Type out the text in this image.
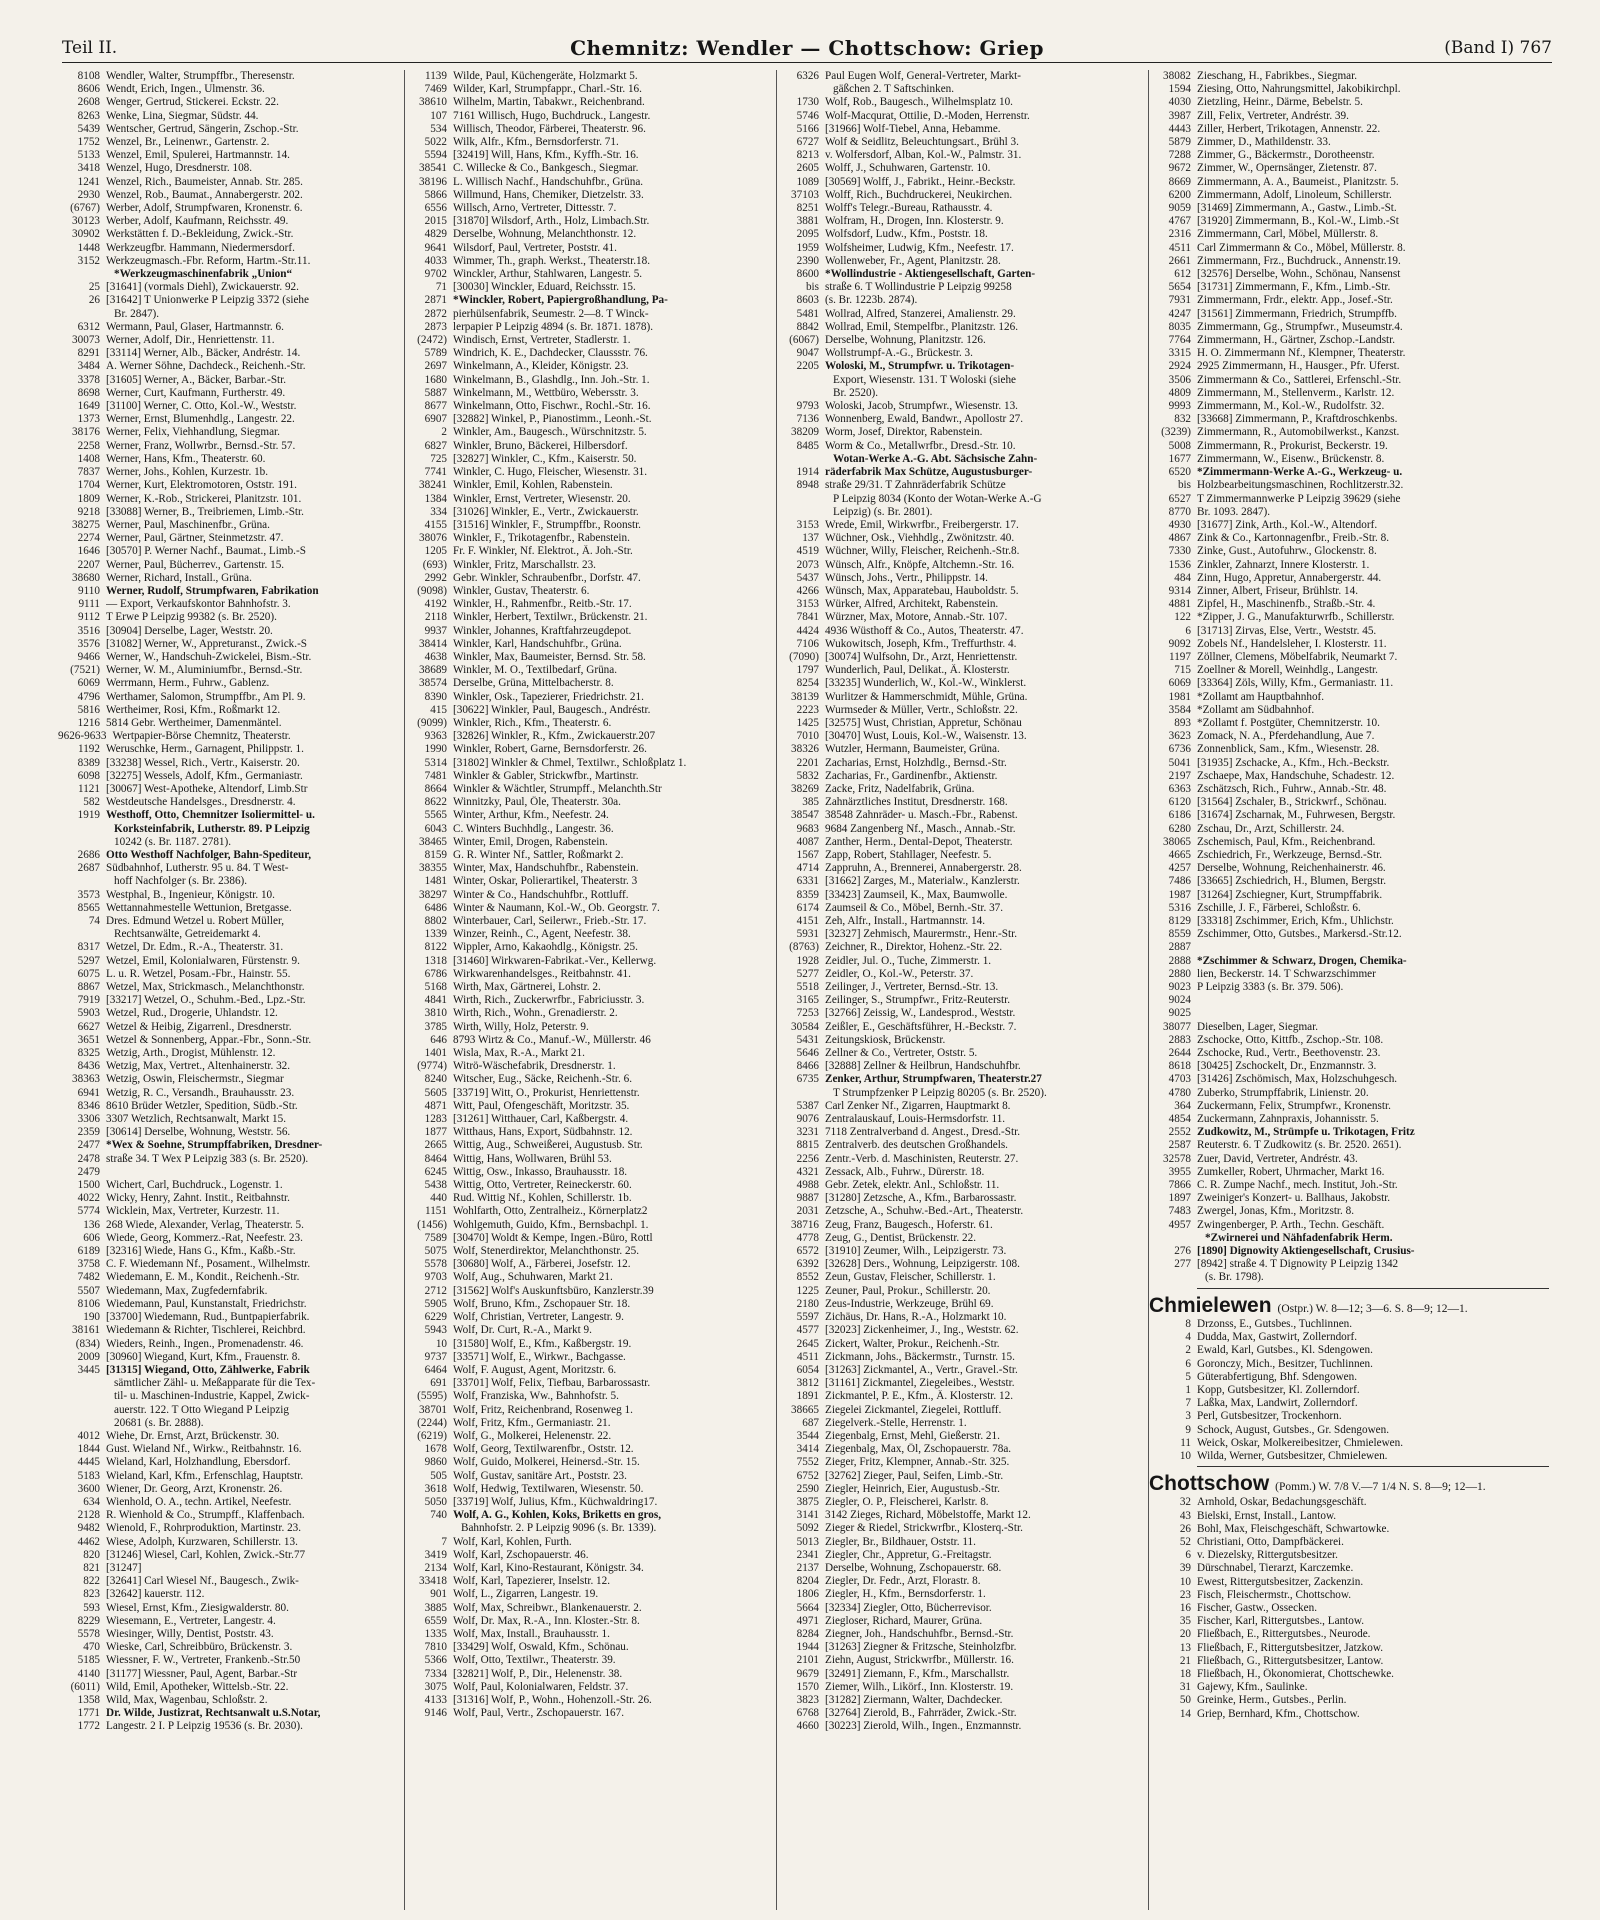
Teil II.	Chemnitz: Wendler — Chottschow: Griep	(Band I) 767
8108 Wendler, Walter, Strumpffbr., Theresenstr.
8606 Wendt, Erich, Ingen., Ulmenstr. 36.
2608 Wenger, Gertrud, Stickerei. Eckstr. 22.
8263 Wenke, Lina, Siegmar, Südstr. 44.
5439 Wentscher, Gertrud, Sängerin, Zschop.-Str.
1752 Wenzel, Br., Leinenwr., Gartenstr. 2.
5133 Wenzel, Emil, Spulerei, Hartmannstr. 14.
3418 Wenzel, Hugo, Dresdnerstr. 108.
1241 Wenzel, Rich., Baumeister, Annab. Str. 285.
2930 Wenzel, Rob., Baumat., Annabergerstr. 202.
(6767) Werber, Adolf, Strumpfwaren, Kronenstr. 6.
30123 Werber, Adolf, Kaufmann, Reichsstr. 49.
30902 Werkstätten f. D.-Bekleidung, Zwick.-Str.
1448 Werkzeugfbr. Hammann, Niedermersdorf.
3152 Werkzeugmasch.-Fbr. Reform, Hartm.-Str.11.
*Werkzeugmaschinenfabrik „Union“
25 [31641] (vormals Diehl), Zwickauerstr. 92.
26 [31642] T Unionwerke P Leipzig 3372 (siehe
Br. 2847).
6312 Wermann, Paul, Glaser, Hartmannstr. 6.
30073 Werner, Adolf, Dir., Henriettenstr. 11.
8291 [33114] Werner, Alb., Bäcker, Andréstr. 14.
3484 A. Werner Söhne, Dachdeck., Reichenh.-Str.
3378 [31605] Werner, A., Bäcker, Barbar.-Str.
8698 Werner, Curt, Kaufmann, Furtherstr. 49.
1649 [31100] Werner, C. Otto, Kol.-W., Weststr.
1373 Werner, Ernst, Blumenhdlg., Langestr. 22.
38176 Werner, Felix, Viehhandlung, Siegmar.
2258 Werner, Franz, Wollwrbr., Bernsd.-Str. 57.
1408 Werner, Hans, Kfm., Theaterstr. 60.
7837 Werner, Johs., Kohlen, Kurzestr. 1b.
1704 Werner, Kurt, Elektromotoren, Oststr. 191.
1809 Werner, K.-Rob., Strickerei, Planitzstr. 101.
9218 [33088] Werner, B., Treibriemen, Limb.-Str.
38275 Werner, Paul, Maschinenfbr., Grüna.
2274 Werner, Paul, Gärtner, Steinmetzstr. 47.
1646 [30570] P. Werner Nachf., Baumat., Limb.-S
2207 Werner, Paul, Bücherrev., Gartenstr. 15.
38680 Werner, Richard, Install., Grüna.
9110 Werner, Rudolf, Strumpfwaren, Fabrikation
9111 — Export, Verkaufskontor Bahnhofstr. 3.
9112 T Erwe P Leipzig 99382 (s. Br. 2520).
3516 [30904] Derselbe, Lager, Weststr. 20.
3576 [31082] Werner, W., Appreturanst., Zwick.-S
9466 Werner, W., Handschuh-Zwickelei, Bism.-Str.
(7521) Werner, W. M., Aluminiumfbr., Bernsd.-Str.
6069 Werrmann, Herm., Fuhrw., Gablenz.
4796 Werthamer, Salomon, Strumpffbr., Am Pl. 9.
5816 Wertheimer, Rosi, Kfm., Roßmarkt 12.
1216 5814 Gebr. Wertheimer, Damenmäntel.
9626-9633 Wertpapier-Börse Chemnitz, Theaterstr.
1192 Weruschke, Herm., Garnagent, Philippstr. 1.
8389 [33238] Wessel, Rich., Vertr., Kaiserstr. 20.
6098 [32275] Wessels, Adolf, Kfm., Germaniastr.
1121 [30067] West-Apotheke, Altendorf, Limb.Str
582 Westdeutsche Handelsges., Dresdnerstr. 4.
1919 Westhoff, Otto, Chemnitzer Isoliermittel- u.
Korksteinfabrik, Lutherstr. 89. P Leipzig
10242 (s. Br. 1187. 2781).
2686 Otto Westhoff Nachfolger, Bahn-Spediteur,
2687 Südbahnhof, Lutherstr. 95 u. 84. T West-
hoff Nachfolger (s. Br. 2386).
3573 Westphal, B., Ingenieur, Königstr. 10.
8565 Wettannahmestelle Wettunion, Bretgasse.
74 Dres. Edmund Wetzel u. Robert Müller,
Rechtsanwälte, Getreidemarkt 4.
8317 Wetzel, Dr. Edm., R.-A., Theaterstr. 31.
5297 Wetzel, Emil, Kolonialwaren, Fürstenstr. 9.
6075 L. u. R. Wetzel, Posam.-Fbr., Hainstr. 55.
8867 Wetzel, Max, Strickmasch., Melanchthonstr.
7919 [33217] Wetzel, O., Schuhm.-Bed., Lpz.-Str.
5903 Wetzel, Rud., Drogerie, Uhlandstr. 12.
6627 Wetzel & Heibig, Zigarrenl., Dresdnerstr.
3651 Wetzel & Sonnenberg, Appar.-Fbr., Sonn.-Str.
8325 Wetzig, Arth., Drogist, Mühlenstr. 12.
8436 Wetzig, Max, Vertret., Altenhainerstr. 32.
38363 Wetzig, Oswin, Fleischermstr., Siegmar
6941 Wetzig, R. C., Versandh., Brauhausstr. 23.
8346 8610 Brüder Wetzler, Spedition, Südb.-Str.
3306 3307 Wetzlich, Rechtsanwalt, Markt 15.
2359 [30614] Derselbe, Wohnung, Weststr. 56.
2477 *Wex & Soehne, Strumpffabriken, Dresdner-
2478 straße 34. T Wex P Leipzig 383 (s. Br. 2520).
2479
1500 Wichert, Carl, Buchdruck., Logenstr. 1.
4022 Wicky, Henry, Zahnt. Instit., Reitbahnstr.
5774 Wicklein, Max, Vertreter, Kurzestr. 11.
136 268 Wiede, Alexander, Verlag, Theaterstr. 5.
606 Wiede, Georg, Kommerz.-Rat, Neefestr. 23.
6189 [32316] Wiede, Hans G., Kfm., Kaßb.-Str.
3758 C. F. Wiedemann Nf., Posament., Wilhelmstr.
7482 Wiedemann, E. M., Kondit., Reichenh.-Str.
5507 Wiedemann, Max, Zugfedernfabrik.
8106 Wiedemann, Paul, Kunstanstalt, Friedrichstr.
190 [33700] Wiedemann, Rud., Buntpapierfabrik.
38161 Wiedemann & Richter, Tischlerei, Reichbrd.
(834) Wieders, Reinh., Ingen., Promenadenstr. 46.
2009 [30960] Wiegand, Kurt, Kfm., Frauenstr. 8.
3445 [31315] Wiegand, Otto, Zählwerke, Fabrik
sämtlicher Zähl- u. Meßapparate für die Tex-
til- u. Maschinen-Industrie, Kappel, Zwick-
auerstr. 122. T Otto Wiegand P Leipzig
20681 (s. Br. 2888).
4012 Wiehe, Dr. Ernst, Arzt, Brückenstr. 30.
1844 Gust. Wieland Nf., Wirkw., Reitbahnstr. 16.
4445 Wieland, Karl, Holzhandlung, Ebersdorf.
5183 Wieland, Karl, Kfm., Erfenschlag, Hauptstr.
3600 Wiener, Dr. Georg, Arzt, Kronenstr. 26.
634 Wienhold, O. A., techn. Artikel, Neefestr.
2128 R. Wienhold & Co., Strumpff., Klaffenbach.
9482 Wienold, F., Rohrproduktion, Martinstr. 23.
4462 Wiese, Adolph, Kurzwaren, Schillerstr. 13.
820 [31246] Wiesel, Carl, Kohlen, Zwick.-Str.77
821 [31247]
822 [32641] Carl Wiesel Nf., Baugesch., Zwik-
823 [32642] kauerstr. 112.
593 Wiesel, Ernst, Kfm., Ziesigwalderstr. 80.
8229 Wiesemann, E., Vertreter, Langestr. 4.
5578 Wiesinger, Willy, Dentist, Poststr. 43.
470 Wieske, Carl, Schreibbüro, Brückenstr. 3.
5185 Wiessner, F. W., Vertreter, Frankenb.-Str.50
4140 [31177] Wiessner, Paul, Agent, Barbar.-Str
(6011) Wild, Emil, Apotheker, Wittelsb.-Str. 22.
1358 Wild, Max, Wagenbau, Schloßstr. 2.
1771 Dr. Wilde, Justizrat, Rechtsanwalt u.S.Notar,
1772 Langestr. 2 I. P Leipzig 19536 (s. Br. 2030).
1139 Wilde, Paul, Küchengeräte, Holzmarkt 5.
7469 Wilder, Karl, Strumpfappr., Charl.-Str. 16.
38610 Wilhelm, Martin, Tabakwr., Reichenbrand.
107 7161 Willisch, Hugo, Buchdruck., Langestr.
534 Willisch, Theodor, Färberei, Theaterstr. 96.
5022 Wilk, Alfr., Kfm., Bernsdorferstr. 71.
5594 [32419] Will, Hans, Kfm., Kyffh.-Str. 16.
38541 C. Willecke & Co., Bankgesch., Siegmar.
38196 L. Willisch Nachf., Handschuhfbr., Grüna.
5866 Willmund, Hans, Chemiker, Dietzelstr. 33.
6556 Willsch, Arno, Vertreter, Dittesstr. 7.
2015 [31870] Wilsdorf, Arth., Holz, Limbach.Str.
4829 Derselbe, Wohnung, Melanchthonstr. 12.
9641 Wilsdorf, Paul, Vertreter, Poststr. 41.
4033 Wimmer, Th., graph. Werkst., Theaterstr.18.
9702 Winckler, Arthur, Stahlwaren, Langestr. 5.
71 [30030] Winckler, Eduard, Reichsstr. 15.
2871 *Winckler, Robert, Papiergroßhandlung, Pa-
2872 pierhülsenfabrik, Seumestr. 2—8. T Winck-
2873 lerpapier P Leipzig 4894 (s. Br. 1871. 1878).
(2472) Windisch, Ernst, Vertreter, Stadlerstr. 1.
5789 Windrich, K. E., Dachdecker, Claussstr. 76.
2697 Winkelmann, A., Kleider, Königstr. 23.
1680 Winkelmann, B., Glashdlg., Inn. Joh.-Str. 1.
5887 Winkelmann, M., Wettbüro, Webersstr. 3.
8677 Winkelmann, Otto, Fischwr., Rochl.-Str. 16.
6907 [32882] Winkel, P., Pianostimm., Leonh.-St.
2 Winkler, Am., Baugesch., Würschnitzstr. 5.
6827 Winkler, Bruno, Bäckerei, Hilbersdorf.
725 [32827] Winkler, C., Kfm., Kaiserstr. 50.
7741 Winkler, C. Hugo, Fleischer, Wiesenstr. 31.
38241 Winkler, Emil, Kohlen, Rabenstein.
1384 Winkler, Ernst, Vertreter, Wiesenstr. 20.
334 [31026] Winkler, E., Vertr., Zwickauerstr.
4155 [31516] Winkler, F., Strumpffbr., Roonstr.
38076 Winkler, F., Trikotagenfbr., Rabenstein.
1205 Fr. F. Winkler, Nf. Elektrot., Ä. Joh.-Str.
(693) Winkler, Fritz, Marschallstr. 23.
2992 Gebr. Winkler, Schraubenfbr., Dorfstr. 47.
(9098) Winkler, Gustav, Theaterstr. 6.
4192 Winkler, H., Rahmenfbr., Reitb.-Str. 17.
2118 Winkler, Herbert, Textilwr., Brückenstr. 21.
9937 Winkler, Johannes, Kraftfahrzeugdepot.
38414 Winkler, Karl, Handschuhfbr., Grüna.
4638 Winkler, Max, Baumeister, Bernsd. Str. 58.
38689 Winkler, M. O., Textilbedarf, Grüna.
38574 Derselbe, Grüna, Mittelbacherstr. 8.
8390 Winkler, Osk., Tapezierer, Friedrichstr. 21.
415 [30622] Winkler, Paul, Baugesch., Andréstr.
(9099) Winkler, Rich., Kfm., Theaterstr. 6.
9363 [32826] Winkler, R., Kfm., Zwickauerstr.207
1990 Winkler, Robert, Garne, Bernsdorferstr. 26.
5314 [31802] Winkler & Chmel, Textilwr., Schloßplatz 1.
7481 Winkler & Gabler, Strickwfbr., Martinstr.
8664 Winkler & Wächtler, Strumpff., Melanchth.Str
8622 Winnitzky, Paul, Öle, Theaterstr. 30a.
5565 Winter, Arthur, Kfm., Neefestr. 24.
6043 C. Winters Buchhdlg., Langestr. 36.
38465 Winter, Emil, Drogen, Rabenstein.
8159 G. R. Winter Nf., Sattler, Roßmarkt 2.
38355 Winter, Max, Handschuhfbr., Rabenstein.
1481 Winter, Oskar, Polierartikel, Theaterstr. 3
38297 Winter & Co., Handschuhfbr., Rottluff.
6486 Winter & Naumann, Kol.-W., Ob. Georgstr. 7.
8802 Winterbauer, Carl, Seilerwr., Frieb.-Str. 17.
1339 Winzer, Reinh., C., Agent, Neefestr. 38.
8122 Wippler, Arno, Kakaohdlg., Königstr. 25.
1318 [31460] Wirkwaren-Fabrikat.-Ver., Kellerwg.
6786 Wirkwarenhandelsges., Reitbahnstr. 41.
5168 Wirth, Max, Gärtnerei, Lohstr. 2.
4841 Wirth, Rich., Zuckerwrfbr., Fabriciusstr. 3.
3810 Wirth, Rich., Wohn., Grenadierstr. 2.
3785 Wirth, Willy, Holz, Peterstr. 9.
646 8793 Wirtz & Co., Manuf.-W., Müllerstr. 46
1401 Wisla, Max, R.-A., Markt 21.
(9774) Witrö-Wäschefabrik, Dresdnerstr. 1.
8240 Witscher, Eug., Säcke, Reichenh.-Str. 6.
5605 [33719] Witt, O., Prokurist, Henriettenstr.
4871 Witt, Paul, Ofengeschäft, Moritzstr. 35.
1283 [31261] Witthauer, Carl, Kaßbergstr. 4.
1877 Witthaus, Hans, Export, Südbahnstr. 12.
2665 Wittig, Aug., Schweißerei, Augustusb. Str.
8464 Wittig, Hans, Wollwaren, Brühl 53.
6245 Wittig, Osw., Inkasso, Brauhausstr. 18.
5438 Wittig, Otto, Vertreter, Reineckerstr. 60.
440 Rud. Wittig Nf., Kohlen, Schillerstr. 1b.
1151 Wohlfarth, Otto, Zentralheiz., Körnerplatz2
(1456) Wohlgemuth, Guido, Kfm., Bernsbachpl. 1.
7589 [30470] Woldt & Kempe, Ingen.-Büro, Rottl
5075 Wolf, Stenerdirektor, Melanchthonstr. 25.
5578 [30680] Wolf, A., Färberei, Josefstr. 12.
9703 Wolf, Aug., Schuhwaren, Markt 21.
2712 [31562] Wolf's Auskunftsbüro, Kanzlerstr.39
5905 Wolf, Bruno, Kfm., Zschopauer Str. 18.
6229 Wolf, Christian, Vertreter, Langestr. 9.
5943 Wolf, Dr. Curt, R.-A., Markt 9.
10 [31580] Wolf, E., Kfm., Kaßbergstr. 19.
9737 [33571] Wolf, E., Wirkwr., Bachgasse.
6464 Wolf, F. August, Agent, Moritzstr. 6.
691 [33701] Wolf, Felix, Tiefbau, Barbarossastr.
(5595) Wolf, Franziska, Ww., Bahnhofstr. 5.
38701 Wolf, Fritz, Reichenbrand, Rosenweg 1.
(2244) Wolf, Fritz, Kfm., Germaniastr. 21.
(6219) Wolf, G., Molkerei, Helenenstr. 22.
1678 Wolf, Georg, Textilwarenfbr., Oststr. 12.
9860 Wolf, Guido, Molkerei, Heinersd.-Str. 15.
505 Wolf, Gustav, sanitäre Art., Poststr. 23.
3618 Wolf, Hedwig, Textilwaren, Wiesenstr. 50.
5050 [33719] Wolf, Julius, Kfm., Küchwaldring17.
740 Wolf, A. G., Kohlen, Koks, Briketts en gros,
Bahnhofstr. 2. P Leipzig 9096 (s. Br. 1339).
7 Wolf, Karl, Kohlen, Furth.
3419 Wolf, Karl, Zschopauerstr. 46.
2134 Wolf, Karl, Kino-Restaurant, Königstr. 34.
33418 Wolf, Karl, Tapezierer, Inselstr. 12.
901 Wolf, L., Zigarren, Langestr. 19.
3885 Wolf, Max, Schreibwr., Blankenauerstr. 2.
6559 Wolf, Dr. Max, R.-A., Inn. Kloster.-Str. 8.
1335 Wolf, Max, Install., Brauhausstr. 1.
7810 [33429] Wolf, Oswald, Kfm., Schönau.
5366 Wolf, Otto, Textilwr., Theaterstr. 39.
7334 [32821] Wolf, P., Dir., Helenenstr. 38.
3075 Wolf, Paul, Kolonialwaren, Feldstr. 37.
4133 [31316] Wolf, P., Wohn., Hohenzoll.-Str. 26.
9146 Wolf, Paul, Vertr., Zschopauerstr. 167.
6326 Paul Eugen Wolf, General-Vertreter, Markt-
gäßchen 2. T Saftschinken.
1730 Wolf, Rob., Baugesch., Wilhelmsplatz 10.
5746 Wolf-Macqurat, Ottilie, D.-Moden, Herrenstr.
5166 [31966] Wolf-Tiebel, Anna, Hebamme.
6727 Wolf & Seidlitz, Beleuchtungsart., Brühl 3.
8213 v. Wolfersdorf, Alban, Kol.-W., Palmstr. 31.
2605 Wolff, J., Schuhwaren, Gartenstr. 10.
1089 [30569] Wolff, J., Fabrikt., Heinr.-Beckstr.
37103 Wolff, Rich., Buchdruckerei, Neukirchen.
8251 Wolff's Telegr.-Bureau, Rathausstr. 4.
3881 Wolfram, H., Drogen, Inn. Klosterstr. 9.
2095 Wolfsdorf, Ludw., Kfm., Poststr. 18.
1959 Wolfsheimer, Ludwig, Kfm., Neefestr. 17.
2390 Wollenweber, Fr., Agent, Planitzstr. 28.
8600 *Wollindustrie - Aktiengesellschaft, Garten-
bis straße 6. T Wollindustrie P Leipzig 99258
8603 (s. Br. 1223b. 2874).
5481 Wollrad, Alfred, Stanzerei, Amalienstr. 29.
8842 Wollrad, Emil, Stempelfbr., Planitzstr. 126.
(6067) Derselbe, Wohnung, Planitzstr. 126.
9047 Wollstrumpf-A.-G., Brückestr. 3.
2205 Woloski, M., Strumpfwr. u. Trikotagen-
Export, Wiesenstr. 131. T Woloski (siehe
Br. 2520).
9793 Woloski, Jacob, Strumpfwr., Wiesenstr. 13.
7136 Wonnenberg, Ewald, Bandwr., Apollostr 27.
38209 Worm, Josef, Direktor, Rabenstein.
8485 Worm & Co., Metallwrfbr., Dresd.-Str. 10.
Wotan-Werke A.-G. Abt. Sächsische Zahn-
1914 räderfabrik Max Schütze, Augustusburger-
8948 straße 29/31. T Zahnräderfabrik Schütze
P Leipzig 8034 (Konto der Wotan-Werke A.-G
Leipzig) (s. Br. 2801).
3153 Wrede, Emil, Wirkwrfbr., Freibergerstr. 17.
137 Wüchner, Osk., Viehhdlg., Zwönitzstr. 40.
4519 Wüchner, Willy, Fleischer, Reichenh.-Str.8.
2073 Wünsch, Alfr., Knöpfe, Altchemn.-Str. 16.
5437 Wünsch, Johs., Vertr., Philippstr. 14.
4266 Wünsch, Max, Apparatebau, Hauboldstr. 5.
3153 Würker, Alfred, Architekt, Rabenstein.
7841 Würzner, Max, Motore, Annab.-Str. 107.
4424 4936 Wüsthoff & Co., Autos, Theaterstr. 47.
7106 Wukowitsch, Joseph, Kfm., Treffurthstr. 4.
(7090) [30074] Wulfsohn, Dr., Arzt, Henriettenstr.
1797 Wunderlich, Paul, Delikat., Ä. Klosterstr.
8254 [33235] Wunderlich, W., Kol.-W., Winklerst.
38139 Wurlitzer & Hammerschmidt, Mühle, Grüna.
2223 Wurmseder & Müller, Vertr., Schloßstr. 22.
1425 [32575] Wust, Christian, Appretur, Schönau
7010 [30470] Wust, Louis, Kol.-W., Waisenstr. 13.
38326 Wutzler, Hermann, Baumeister, Grüna.
2201 Zacharias, Ernst, Holzhdlg., Bernsd.-Str.
5832 Zacharias, Fr., Gardinenfbr., Aktienstr.
38269 Zacke, Fritz, Nadelfabrik, Grüna.
385 Zahnärztliches Institut, Dresdnerstr. 168.
38547 38548 Zahnräder- u. Masch.-Fbr., Rabenst.
9683 9684 Zangenberg Nf., Masch., Annab.-Str.
4087 Zanther, Herm., Dental-Depot, Theaterstr.
1567 Zapp, Robert, Stahllager, Neefestr. 5.
4714 Zappruhn, A., Brennerei, Annabergerstr. 28.
6331 [31662] Zarges, M., Materialw., Kanzlerstr.
8359 [33423] Zaumseil, K., Max, Baumwolle.
6174 Zaumseil & Co., Möbel, Bernh.-Str. 37.
4151 Zeh, Alfr., Install., Hartmannstr. 14.
5931 [32327] Zehmisch, Maurermstr., Henr.-Str.
(8763) Zeichner, R., Direktor, Hohenz.-Str. 22.
1928 Zeidler, Jul. O., Tuche, Zimmerstr. 1.
5277 Zeidler, O., Kol.-W., Peterstr. 37.
5518 Zeilinger, J., Vertreter, Bernsd.-Str. 13.
3165 Zeilinger, S., Strumpfwr., Fritz-Reuterstr.
7253 [32766] Zeissig, W., Landesprod., Weststr.
30584 Zeißler, E., Geschäftsführer, H.-Beckstr. 7.
5431 Zeitungskiosk, Brückenstr.
5646 Zellner & Co., Vertreter, Oststr. 5.
8466 [32888] Zellner & Heilbrun, Handschuhfbr.
6735 Zenker, Arthur, Strumpfwaren, Theaterstr.27
T Strumpfzenker P Leipzig 80205 (s. Br. 2520).
5387 Carl Zenker Nf., Zigarren, Hauptmarkt 8.
9076 Zentralauskauf, Louis-Hermsdorfstr. 11.
3231 7118 Zentralverband d. Angest., Dresd.-Str.
8815 Zentralverb. des deutschen Großhandels.
2256 Zentr.-Verb. d. Maschinisten, Reuterstr. 27.
4321 Zessack, Alb., Fuhrw., Dürerstr. 18.
4988 Gebr. Zetek, elektr. Anl., Schloßstr. 11.
9887 [31280] Zetzsche, A., Kfm., Barbarossastr.
2031 Zetzsche, A., Schuhw.-Bed.-Art., Theaterstr.
38716 Zeug, Franz, Baugesch., Hoferstr. 61.
4778 Zeug, G., Dentist, Brückenstr. 22.
6572 [31910] Zeumer, Wilh., Leipzigerstr. 73.
6392 [32628] Ders., Wohnung, Leipzigerstr. 108.
8552 Zeun, Gustav, Fleischer, Schillerstr. 1.
1225 Zeuner, Paul, Prokur., Schillerstr. 20.
2180 Zeus-Industrie, Werkzeuge, Brühl 69.
5597 Zichäus, Dr. Hans, R.-A., Holzmarkt 10.
4577 [32023] Zickenheimer, J., Ing., Weststr. 62.
2645 Zickert, Walter, Prokur., Reichenh.-Str.
4511 Zickmann, Johs., Bäckermstr., Turnstr. 15.
6054 [31263] Zickmantel, A., Vertr., Gravel.-Str.
3812 [31161] Zickmantel, Ziegeleibes., Weststr.
1891 Zickmantel, P. E., Kfm., Ä. Klosterstr. 12.
38665 Ziegelei Zickmantel, Ziegelei, Rottluff.
687 Ziegelverk.-Stelle, Herrenstr. 1.
3544 Ziegenbalg, Ernst, Mehl, Gießerstr. 21.
3414 Ziegenbalg, Max, Öl, Zschopauerstr. 78a.
7552 Zieger, Fritz, Klempner, Annab.-Str. 325.
6752 [32762] Zieger, Paul, Seifen, Limb.-Str.
2590 Ziegler, Heinrich, Eier, Augustusb.-Str.
3875 Ziegler, O. P., Fleischerei, Karlstr. 8.
3141 3142 Zieges, Richard, Möbelstoffe, Markt 12.
5092 Zieger & Riedel, Strickwrfbr., Klosterq.-Str.
5013 Ziegler, Br., Bildhauer, Oststr. 11.
2341 Ziegler, Chr., Appretur, G.-Freitagstr.
2137 Derselbe, Wohnung, Zschopauerstr. 68.
8204 Ziegler, Dr. Fedr., Arzt, Florastr. 8.
1806 Ziegler, H., Kfm., Bernsdorferstr. 1.
5664 [32334] Ziegler, Otto, Bücherrevisor.
4971 Ziegloser, Richard, Maurer, Grüna.
8284 Ziegner, Joh., Handschuhfbr., Bernsd.-Str.
1944 [31263] Ziegner & Fritzsche, Steinholzfbr.
2101 Ziehn, August, Strickwrfbr., Müllerstr. 16.
9679 [32491] Ziemann, F., Kfm., Marschallstr.
1570 Ziemer, Wilh., Likörf., Inn. Klosterstr. 19.
3823 [31282] Ziermann, Walter, Dachdecker.
6768 [32764] Zierold, B., Fahrräder, Zwick.-Str.
4660 [30223] Zierold, Wilh., Ingen., Enzmannstr.
38082 Zieschang, H., Fabrikbes., Siegmar.
1594 Ziesing, Otto, Nahrungsmittel, Jakobikirchpl.
4030 Zietzling, Heinr., Därme, Bebelstr. 5.
3987 Zill, Felix, Vertreter, Andréstr. 39.
4443 Ziller, Herbert, Trikotagen, Annenstr. 22.
5879 Zimmer, D., Mathildenstr. 33.
7288 Zimmer, G., Bäckermstr., Dorotheenstr.
9672 Zimmer, W., Opernsänger, Zietenstr. 87.
8669 Zimmermann, A. A., Baumeist., Planitzstr. 5.
6200 Zimmermann, Adolf, Linoleum, Schillerstr.
9059 [31469] Zimmermann, A., Gastw., Limb.-St.
4767 [31920] Zimmermann, B., Kol.-W., Limb.-St
2316 Zimmermann, Carl, Möbel, Müllerstr. 8.
4511 Carl Zimmermann & Co., Möbel, Müllerstr. 8.
2661 Zimmermann, Frz., Buchdruck., Annenstr.19.
612 [32576] Derselbe, Wohn., Schönau, Nansenst
5654 [31731] Zimmermann, F., Kfm., Limb.-Str.
7931 Zimmermann, Frdr., elektr. App., Josef.-Str.
4247 [31561] Zimmermann, Friedrich, Strumpffb.
8035 Zimmermann, Gg., Strumpfwr., Museumstr.4.
7764 Zimmermann, H., Gärtner, Zschop.-Landstr.
3315 H. O. Zimmermann Nf., Klempner, Theaterstr.
2924 2925 Zimmermann, H., Hausger., Pfr. Uferst.
3506 Zimmermann & Co., Sattlerei, Erfenschl.-Str.
4809 Zimmermann, M., Stellenverm., Karlstr. 12.
9993 Zimmermann, M., Kol.-W., Rudolfstr. 32.
832 [33668] Zimmermann, P., Kraftdroschkenbs.
(3239) Zimmermann, R., Automobilwerkst., Kanzst.
5008 Zimmermann, R., Prokurist, Beckerstr. 19.
1677 Zimmermann, W., Eisenw., Brückenstr. 8.
6520 *Zimmermann-Werke A.-G., Werkzeug- u.
bis Holzbearbeitungsmaschinen, Rochlitzerstr.32.
6527 T Zimmermannwerke P Leipzig 39629 (siehe
8770 Br. 1093. 2847).
4930 [31677] Zink, Arth., Kol.-W., Altendorf.
4867 Zink & Co., Kartonnagenfbr., Freib.-Str. 8.
7330 Zinke, Gust., Autofuhrw., Glockenstr. 8.
1536 Zinkler, Zahnarzt, Innere Klosterstr. 1.
484 Zinn, Hugo, Appretur, Annabergerstr. 44.
9314 Zinner, Albert, Friseur, Brühlstr. 14.
4881 Zipfel, H., Maschinenfb., Straßb.-Str. 4.
122 *Zipper, J. G., Manufakturwrfb., Schillerstr.
6 [31713] Zirvas, Else, Vertr., Weststr. 45.
9092 Zobels Nf., Handelsleher, I. Klosterstr. 11.
1197 Zöllner, Clemens, Möbelfabrik, Neumarkt 7.
715 Zoellner & Morell, Weinhdlg., Langestr.
6069 [33364] Zöls, Willy, Kfm., Germaniastr. 11.
1981 *Zollamt am Hauptbahnhof.
3584 *Zollamt am Südbahnhof.
893 *Zollamt f. Postgüter, Chemnitzerstr. 10.
3623 Zomack, N. A., Pferdehandlung, Aue 7.
6736 Zonnenblick, Sam., Kfm., Wiesenstr. 28.
5041 [31935] Zschacke, A., Kfm., Hch.-Beckstr.
2197 Zschaepe, Max, Handschuhe, Schadestr. 12.
6363 Zschätzsch, Rich., Fuhrw., Annab.-Str. 48.
6120 [31564] Zschaler, B., Strickwrf., Schönau.
6186 [31674] Zscharnak, M., Fuhrwesen, Bergstr.
6280 Zschau, Dr., Arzt, Schillerstr. 24.
38065 Zschemisch, Paul, Kfm., Reichenbrand.
4665 Zschiedrich, Fr., Werkzeuge, Bernsd.-Str.
4257 Derselbe, Wohnung, Reichenhainerstr. 46.
7486 [33665] Zschiedrich, H., Blumen, Bergstr.
1987 [31264] Zschiegner, Kurt, Strumpffabrik.
5316 Zschille, J. F., Färberei, Schloßstr. 6.
8129 [33318] Zschimmer, Erich, Kfm., Uhlichstr.
8559 Zschimmer, Otto, Gutsbes., Markersd.-Str.12.
2887
2888 *Zschimmer & Schwarz, Drogen, Chemika-
2880 lien, Beckerstr. 14. T Schwarzschimmer
9023 P Leipzig 3383 (s. Br. 379. 506).
9024
9025
38077 Dieselben, Lager, Siegmar.
2883 Zschocke, Otto, Kittfb., Zschop.-Str. 108.
2644 Zschocke, Rud., Vertr., Beethovenstr. 23.
8618 [30425] Zschockelt, Dr., Enzmannstr. 3.
4703 [31426] Zschömisch, Max, Holzschuhgesch.
4780 Zuberko, Strumpffabrik, Linienstr. 20.
364 Zuckermann, Felix, Strumpfwr., Kronenstr.
4854 Zuckermann, Zahnpraxis, Johannisstr. 5.
2552 Zudkowitz, M., Strümpfe u. Trikotagen, Fritz
2587 Reuterstr. 6. T Zudkowitz (s. Br. 2520. 2651).
32578 Zuer, David, Vertreter, Andréstr. 43.
3955 Zumkeller, Robert, Uhrmacher, Markt 16.
7866 C. R. Zumpe Nachf., mech. Institut, Joh.-Str.
1897 Zweiniger's Konzert- u. Ballhaus, Jakobstr.
7483 Zwergel, Jonas, Kfm., Moritzstr. 8.
4957 Zwingenberger, P. Arth., Techn. Geschäft.
*Zwirnerei und Nähfadenfabrik Herm.
276 [1890] Dignowity Aktiengesellschaft, Crusius-
277 [8942] straße 4. T Dignowity P Leipzig 1342
(s. Br. 1798).
Chmielewen (Ostpr.) W. 8—12; 3—6. S. 8—9; 12—1.
8 Drzonss, E., Gutsbes., Tuchlinnen.
4 Dudda, Max, Gastwirt, Zollerndorf.
2 Ewald, Karl, Gutsbes., Kl. Sdengowen.
6 Goronczy, Mich., Besitzer, Tuchlinnen.
5 Güterabfertigung, Bhf. Sdengowen.
1 Kopp, Gutsbesitzer, Kl. Zollerndorf.
7 Laßka, Max, Landwirt, Zollerndorf.
3 Perl, Gutsbesitzer, Trockenhorn.
9 Schock, August, Gutsbes., Gr. Sdengowen.
11 Weick, Oskar, Molkereibesitzer, Chmielewen.
10 Wilda, Werner, Gutsbesitzer, Chmielewen.
Chottschow (Pomm.) W. 7/8 V.—7 1/4 N. S. 8—9; 12—1.
32 Arnhold, Oskar, Bedachungsgeschäft.
43 Bielski, Ernst, Install., Lantow.
26 Bohl, Max, Fleischgeschäft, Schwartowke.
52 Christiani, Otto, Dampfbäckerei.
6 v. Diezelsky, Rittergutsbesitzer.
39 Dürschnabel, Tierarzt, Karczemke.
10 Ewest, Rittergutsbesitzer, Zackenzin.
23 Fisch, Fleischermstr., Chottschow.
16 Fischer, Gastw., Ossecken.
35 Fischer, Karl, Rittergutsbes., Lantow.
20 Fließbach, E., Rittergutsbes., Neurode.
13 Fließbach, F., Rittergutsbesitzer, Jatzkow.
21 Fließbach, G., Rittergutsbesitzer, Lantow.
18 Fließbach, H., Ökonomierat, Chottschewke.
31 Gajewy, Kfm., Saulinke.
50 Greinke, Herm., Gutsbes., Perlin.
14 Griep, Bernhard, Kfm., Chottschow.
